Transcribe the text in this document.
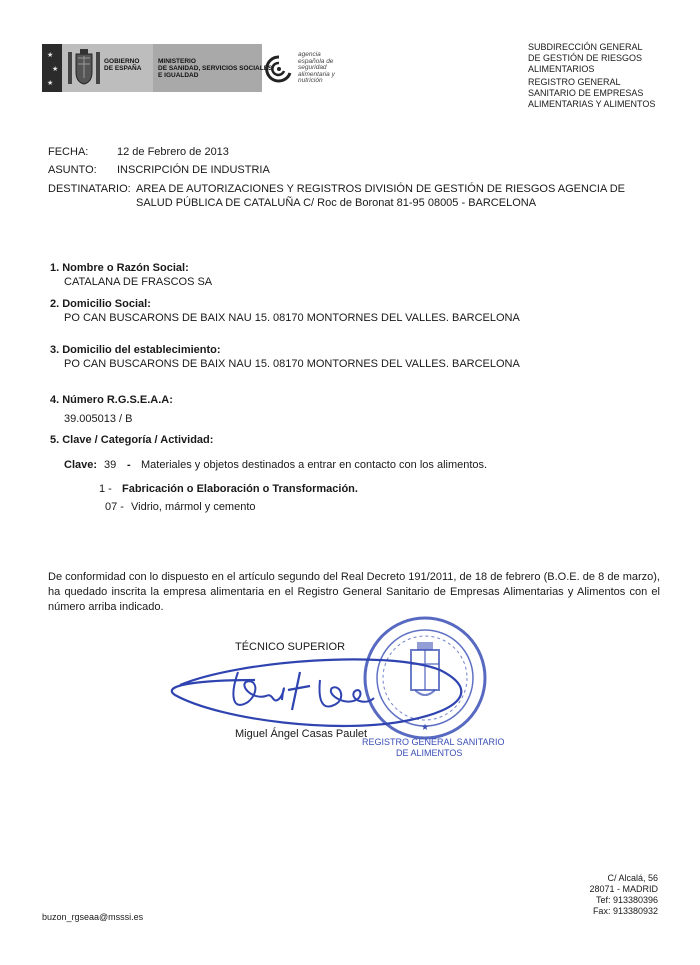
★
★
★
GOBIERNO
DE ESPAÑA
MINISTERIO
DE SANIDAD, SERVICIOS SOCIALES
E IGUALDAD
agencia
española de
seguridad
alimentaria y
nutrición
SUBDIRECCIÓN GENERAL
DE GESTIÓN DE RIESGOS
ALIMENTARIOS
REGISTRO GENERAL
SANITARIO DE EMPRESAS
ALIMENTARIAS Y ALIMENTOS
FECHA:	12 de Febrero de 2013
ASUNTO: INSCRIPCIÓN DE INDUSTRIA
DESTINATARIO: AREA DE AUTORIZACIONES Y REGISTROS DIVISIÓN DE GESTIÓN DE RIESGOS AGENCIA DE
SALUD PÚBLICA DE CATALUÑA C/ Roc de Boronat 81-95 08005 - BARCELONA
1. Nombre o Razón Social:
CATALANA DE FRASCOS SA
2. Domicilio Social:
PO CAN BUSCARONS DE BAIX NAU 15. 08170 MONTORNES DEL VALLES. BARCELONA
3. Domicilio del establecimiento:
PO CAN BUSCARONS DE BAIX NAU 15. 08170 MONTORNES DEL VALLES. BARCELONA
4. Número R.G.S.E.A.A:
39.005013 / B
5. Clave / Categoría / Actividad:
Clave: 39 - Materiales y objetos destinados a entrar en contacto con los alimentos.
1 - Fabricación o Elaboración o Transformación.
07 - Vidrio, mármol y cemento
De conformidad con lo dispuesto en el artículo segundo del Real Decreto 191/2011, de 18 de febrero (B.O.E. de 8 de marzo), ha quedado inscrita la empresa alimentaria en el Registro General Sanitario de Empresas Alimentarias y Alimentos con el número arriba indicado.
TÉCNICO SUPERIOR
★
Miguel Ángel Casas Paulet
REGISTRO GENERAL SANITARIO
DE ALIMENTOS
buzon_rgseaa@msssi.es
C/ Alcalá, 56
28071 - MADRID
Tef: 913380396
Fax: 913380932
